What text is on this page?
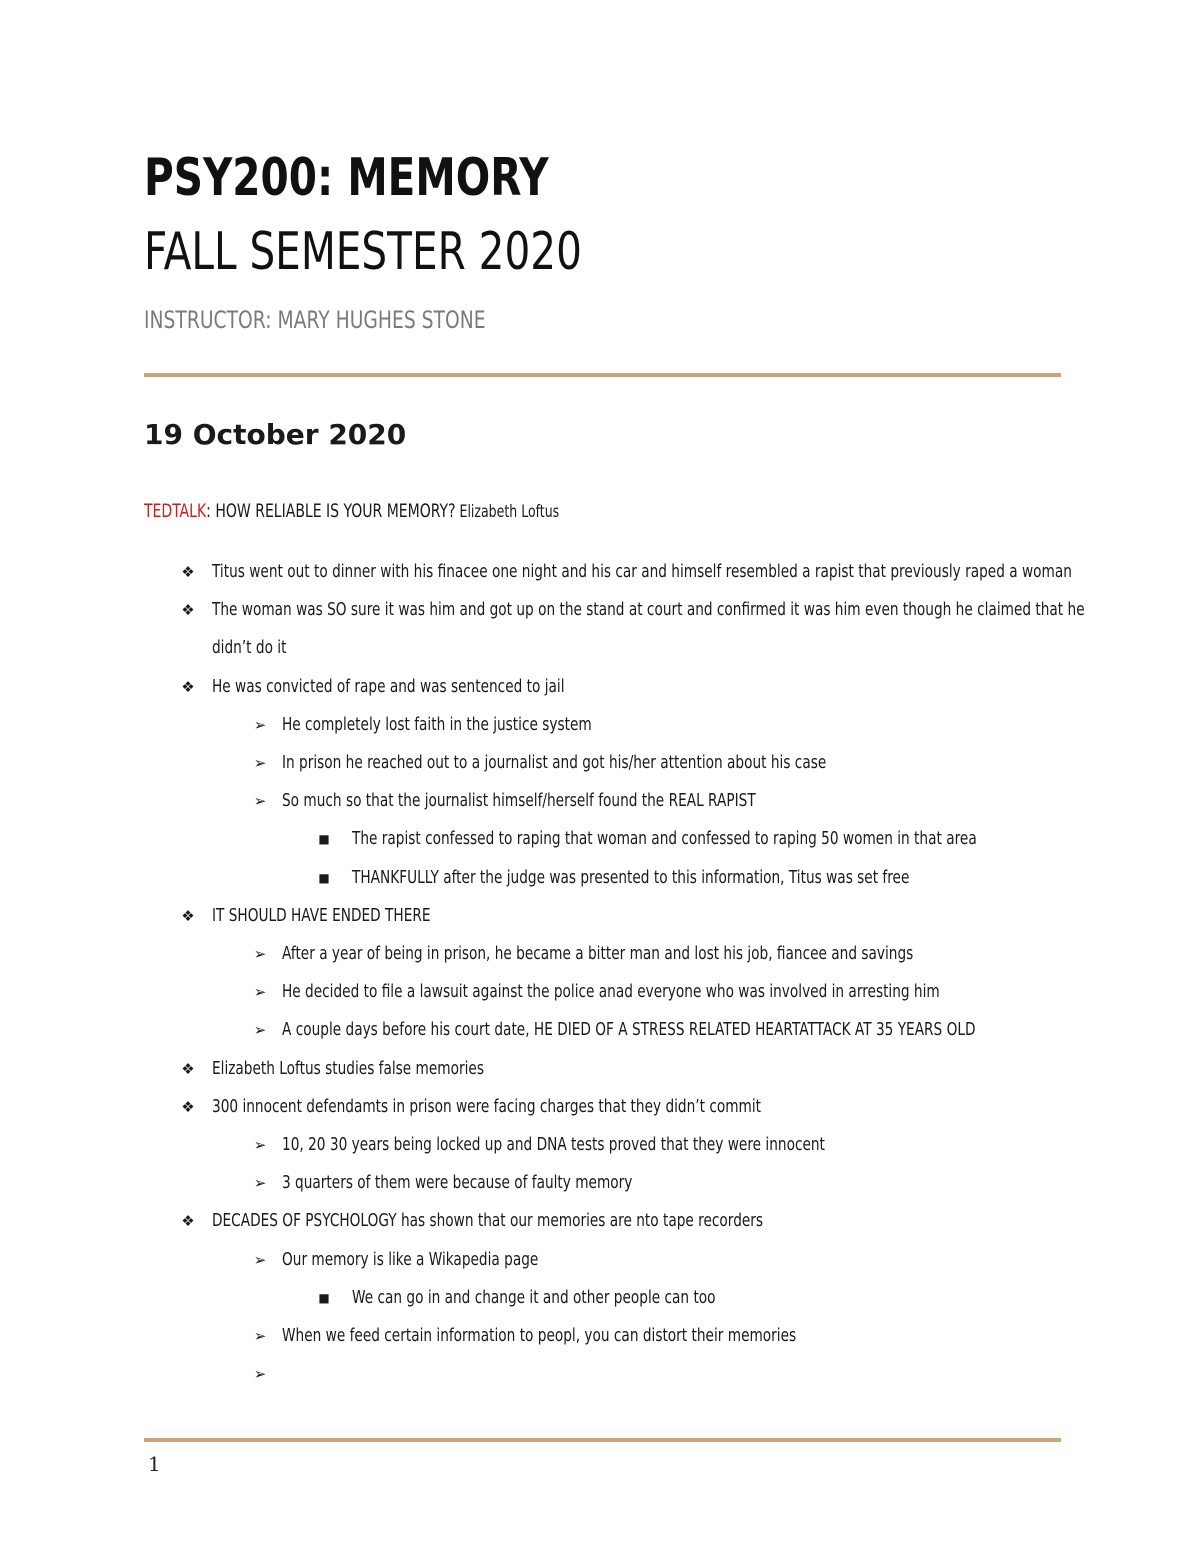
PSY200: MEMORY
FALL SEMESTER 2020
INSTRUCTOR: MARY HUGHES STONE
19 October 2020
TEDTALK: HOW RELIABLE IS YOUR MEMORY? Elizabeth Loftus
❖ Titus went out to dinner with his finacee one night and his car and himself resembled a rapist that previously raped a woman
❖ The woman was SO sure it was him and got up on the stand at court and confirmed it was him even though he claimed that he
didn’t do it
❖ He was convicted of rape and was sentenced to jail
➢ He completely lost faith in the justice system
➢ In prison he reached out to a journalist and got his/her attention about his case
➢ So much so that the journalist himself/herself found the REAL RAPIST
■	The rapist confessed to raping that woman and confessed to raping 50 women in that area
■	THANKFULLY after the judge was presented to this information, Titus was set free
❖ IT SHOULD HAVE ENDED THERE
➢ After a year of being in prison, he became a bitter man and lost his job, fiancee and savings
➢ He decided to file a lawsuit against the police anad everyone who was involved in arresting him
➢ A couple days before his court date, HE DIED OF A STRESS RELATED HEARTATTACK AT 35 YEARS OLD
❖ Elizabeth Loftus studies false memories
❖ 300 innocent defendamts in prison were facing charges that they didn’t commit
➢ 10, 20 30 years being locked up and DNA tests proved that they were innocent
➢ 3 quarters of them were because of faulty memory
❖ DECADES OF PSYCHOLOGY has shown that our memories are nto tape recorders
➢ Our memory is like a Wikapedia page
■	We can go in and change it and other people can too
➢ When we feed certain information to peopl, you can distort their memories
➢
1
